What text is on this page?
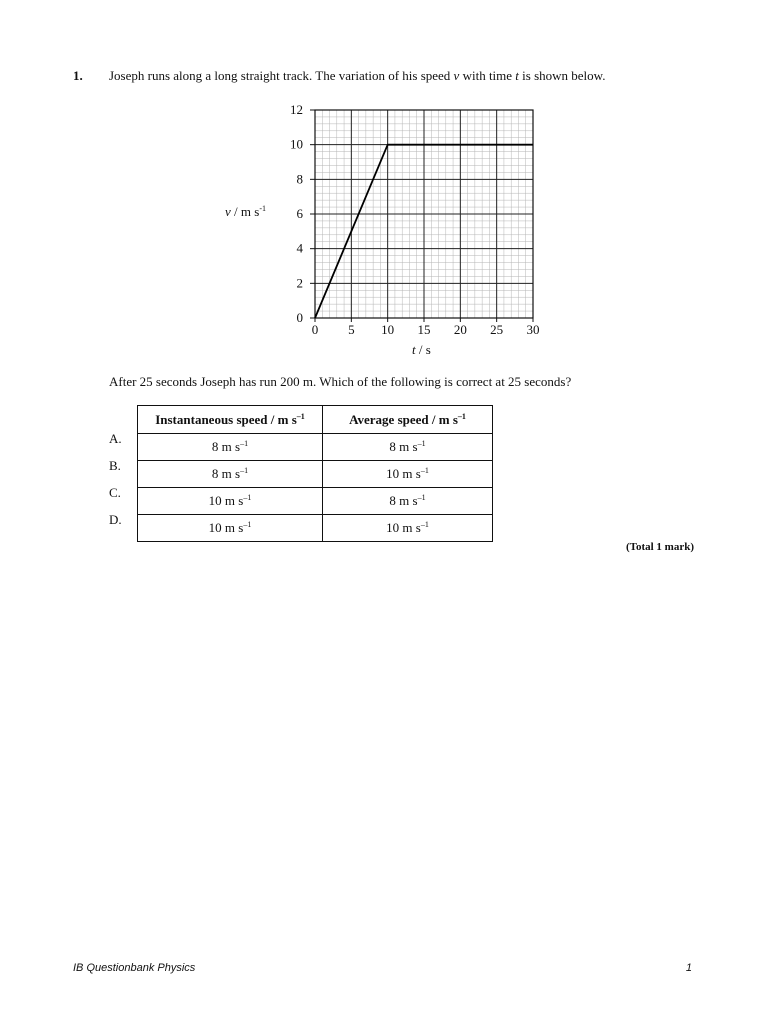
1. Joseph runs along a long straight track. The variation of his speed v with time t is shown below.
0
2
4
6
8
10
12
0 5 10 15 20 25 30
v / m $s^{-1}$
t / s
After 25 seconds Joseph has run 200 m. Which of the following is correct at 25 seconds?
A.
B.
C.
D.
Instantaneous speed / m $s^{-1}$	Average speed / m $s^{-1}$
8 m $s^{-1}$	8 m $s^{-1}$
8 m $s^{-1}$	10 m $s^{-1}$
10 m $s^{-1}$	8 m $s^{-1}$
10 m $s^{-1}$	10 m $s^{-1}$
(Total 1 mark)
IB Questionbank Physics	1
